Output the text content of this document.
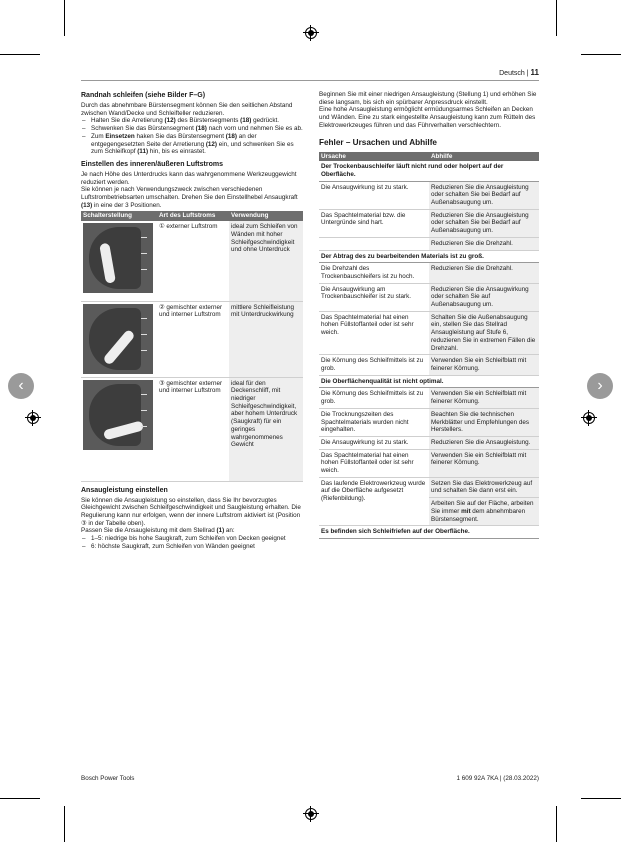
‹	›
Deutsch | 11
Randnah schleifen (siehe Bilder F–G)

Durch das abnehmbare Bürstensegment können Sie den seitlichen Abstand zwischen Wand/Decke und Schleifteller reduzieren.

– Halten Sie die Arretierung (12) des Bürstensegments (18) gedrückt.
– Schwenken Sie das Bürstensegment (18) nach vorn und nehmen Sie es ab.
– Zum Einsetzen haken Sie das Bürstensegment (18) an der entgegengesetzten Seite der Arretierung (12) ein, und schwenken Sie es zum Schleifkopf (11) hin, bis es einrastet.
Einstellen des inneren/äußeren Luftstroms

Je nach Höhe des Unterdrucks kann das wahrgenommene Werkzeuggewicht reduziert werden.

Sie können je nach Verwendungszweck zwischen verschiedenen Luftstrombetriebsarten umschalten. Drehen Sie den Einstellhebel Ansaugkraft (13) in eine der 3 Positionen.

Schalterstellung	Art des Luftstroms	Verwendung

	① externer Luftstrom	ideal zum Schleifen von Wänden mit hoher Schleifgeschwindigkeit und ohne Unterdruck

	② gemischter externer und interner Luftstrom	mittlere Schleifleistung mit Unterdruckwirkung

	③ gemischter externer und interner Luftstrom	ideal für den Deckenschliff, mit niedriger Schleifgeschwindigkeit, aber hohem Unterdruck (Saugkraft) für ein geringes wahrgenommenes Gewicht
Ansaugleistung einstellen

Sie können die Ansaugleistung so einstellen, dass Sie Ihr bevorzugtes Gleichgewicht zwischen Schleifgeschwindigkeit und Saugleistung erhalten. Die Regulierung kann nur erfolgen, wenn der innere Luftstrom aktiviert ist (Position ③ in der Tabelle oben).

Passen Sie die Ansaugleistung mit dem Stellrad (1) an:

– 1–5: niedrige bis hohe Saugkraft, zum Schleifen von Decken geeignet
– 6: höchste Saugkraft, zum Schleifen von Wänden geeignet

Beginnen Sie mit einer niedrigen Ansaugleistung (Stellung 1) und erhöhen Sie diese langsam, bis sich ein spürbarer Anpressdruck einstellt.

Eine hohe Ansaugleistung ermöglicht ermüdungsarmes Schleifen an Decken und Wänden. Eine zu stark eingestellte Ansaugleistung kann zum Rütteln des Elektrowerkzeuges führen und das Führverhalten verschlechtern.

Fehler – Ursachen und Abhilfe
Ursache	Abhilfe
Der Trockenbauschleifer läuft nicht rund oder holpert auf der Oberfläche.	
Die Ansaugwirkung ist zu stark.	Reduzieren Sie die Ansaugleistung oder schalten Sie bei Bedarf auf Außenabsaugung um.
Das Spachtelmaterial bzw. die Untergründe sind hart.	Reduzieren Sie die Ansaugleistung oder schalten Sie bei Bedarf auf Außenabsaugung um.
	Reduzieren Sie die Drehzahl.
Der Abtrag des zu bearbeitenden Materials ist zu groß.	
Die Drehzahl des Trockenbauschleifers ist zu hoch.	Reduzieren Sie die Drehzahl.
Die Ansaugwirkung am Trockenbauschleifer ist zu stark.	Reduzieren Sie die Ansaugwirkung oder schalten Sie auf Außenabsaugung um.
Das Spachtelmaterial hat einen hohen Füllstoffanteil oder ist sehr weich.	Schalten Sie die Außenabsaugung ein, stellen Sie das Stellrad Ansaugleistung auf Stufe 6, reduzieren Sie in extremen Fällen die Drehzahl.
Die Körnung des Schleifmittels ist zu grob.	Verwenden Sie ein Schleifblatt mit feinerer Körnung.
Die Oberflächenqualität ist nicht optimal.	
Die Körnung des Schleifmittels ist zu grob.	Verwenden Sie ein Schleifblatt mit feinerer Körnung.
Die Trocknungszeiten des Spachtelmaterials wurden nicht eingehalten.	Beachten Sie die technischen Merkblätter und Empfehlungen des Herstellers.
Die Ansaugwirkung ist zu stark.	Reduzieren Sie die Ansaugleistung.
Das Spachtelmaterial hat einen hohen Füllstoffanteil oder ist sehr weich.	Verwenden Sie ein Schleifblatt mit feinerer Körnung.
Das laufende Elektrowerkzeug wurde auf die Oberfläche aufgesetzt (Riefenbildung).	Setzen Sie das Elektrowerkzeug auf und schalten Sie dann erst ein.
	Arbeiten Sie auf der Fläche, arbeiten Sie immer mit dem abnehmbaren Bürstensegment.
Es befinden sich Schleifriefen auf der Oberfläche.	
Bosch Power Tools	1 609 92A 7KA | (28.03.2022)
